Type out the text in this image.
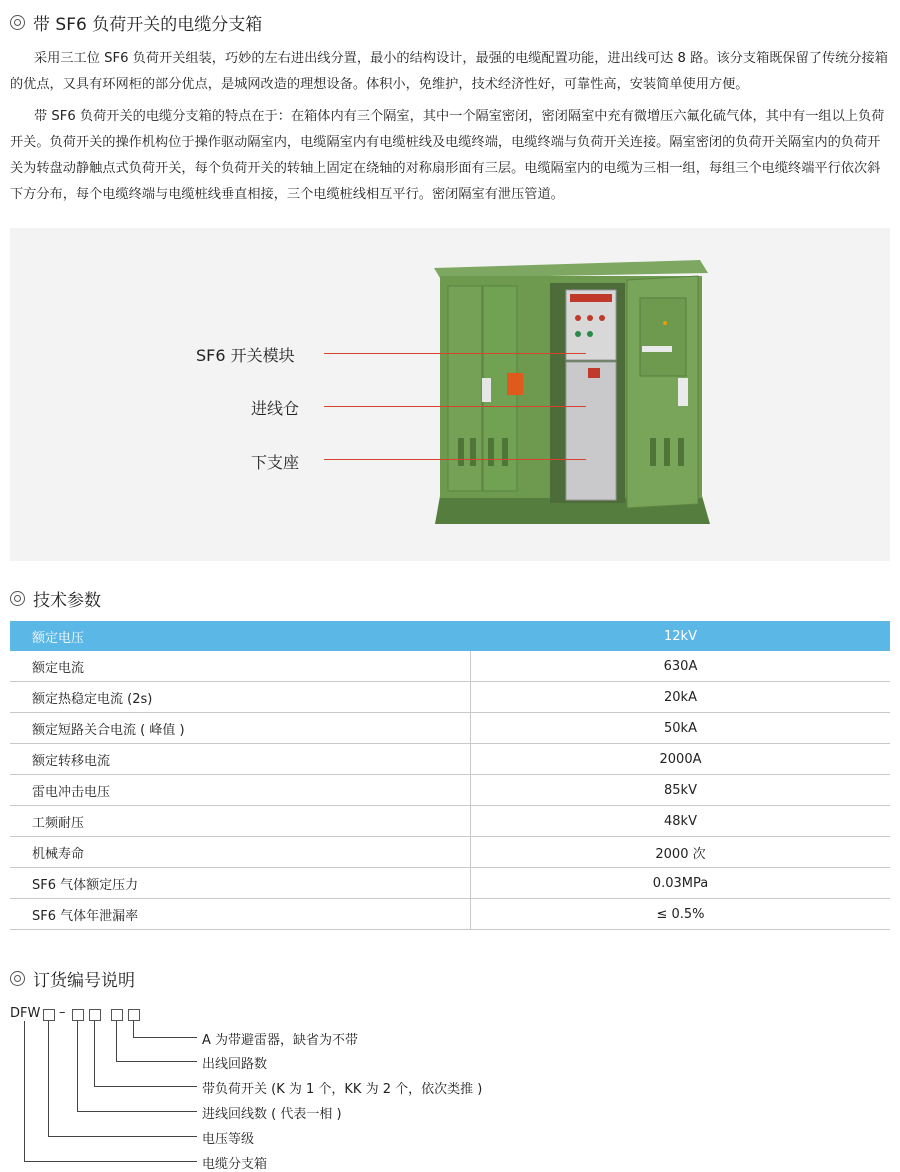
带 SF6 负荷开关的电缆分支箱

采用三工位 SF6 负荷开关组装，巧妙的左右进出线分置，最小的结构设计，最强的电缆配置功能，进出线可达 8 路。该分支箱既保留了传统分接箱的优点，又具有环网柜的部分优点，是城网改造的理想设备。体积小，免维护，技术经济性好，可靠性高，安装简单使用方便。

带 SF6 负荷开关的电缆分支箱的特点在于：在箱体内有三个隔室，其中一个隔室密闭，密闭隔室中充有微增压六氟化硫气体，其中有一组以上负荷开关。负荷开关的操作机构位于操作驱动隔室内，电缆隔室内有电缆桩线及电缆终端，电缆终端与负荷开关连接。隔室密闭的负荷开关隔室内的负荷开关为转盘动静触点式负荷开关，每个负荷开关的转轴上固定在绕轴的对称扇形面有三层。电缆隔室内的电缆为三相一组，每组三个电缆终端平行依次斜下方分布，每个电缆终端与电缆桩线垂直相接，三个电缆桩线相互平行。密闭隔室有泄压管道。

SF6 开关模块
进线仓
下支座
技术参数
额定电压	12kV
额定电流	630A
额定热稳定电流 (2s)	20kA
额定短路关合电流 ( 峰值 )	50kA
额定转移电流	2000A
雷电冲击电压	85kV
工频耐压	48kV
机械寿命	2000 次
SF6 气体额定压力	0.03MPa
SF6 气体年泄漏率	≤ 0.5%
订货编号说明
DFW –
A 为带避雷器，缺省为不带
出线回路数
带负荷开关 (K 为 1 个，KK 为 2 个，依次类推 )
进线回线数 ( 代表一相 )
电压等级
电缆分支箱
